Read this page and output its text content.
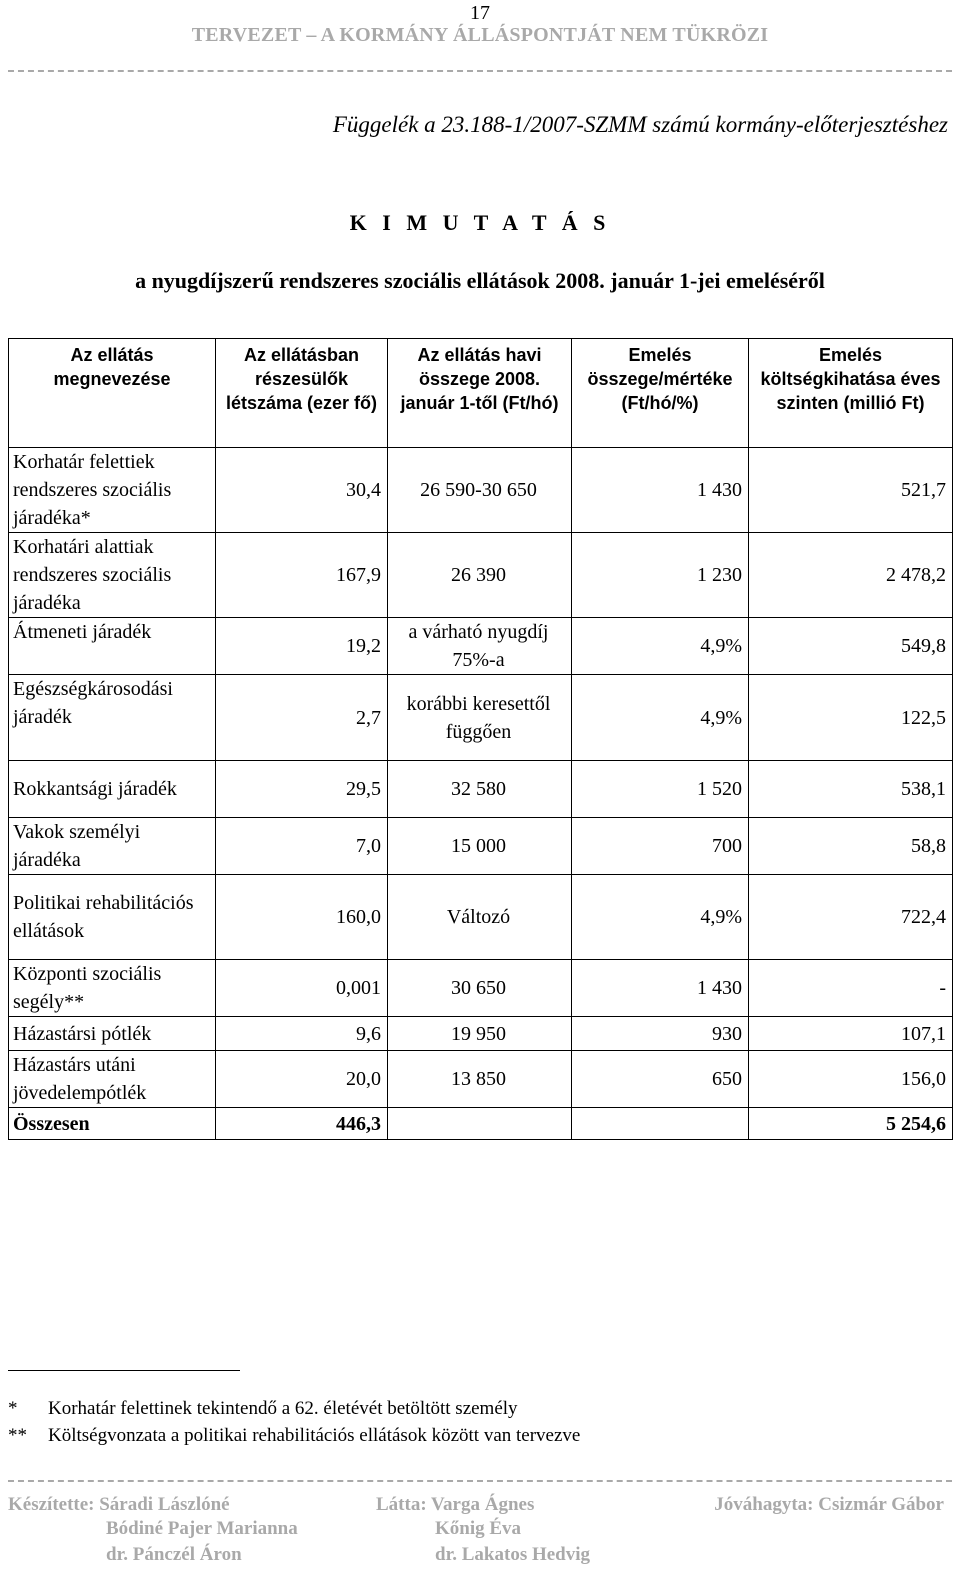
17
TERVEZET – A KORMÁNY ÁLLÁSPONTJÁT NEM TÜKRÖZI
Függelék a 23.188-1/2007-SZMM számú kormány-előterjesztéshez
K I M U T A T Á S
a nyugdíjszerű rendszeres szociális ellátások 2008. január 1-jei emeléséről
Az ellátás megnevezése	Az ellátásban részesülők létszáma (ezer fő)	Az ellátás havi összege 2008. január 1-től (Ft/hó)	Emelés összege/mértéke (Ft/hó/%)	Emelés költségkihatása éves szinten (millió Ft)
Korhatár felettiek rendszeres szociális járadéka*	30,4	26 590-30 650	1 430	521,7
Korhatári alattiak rendszeres szociális járadéka	167,9	26 390	1 230	2 478,2
Átmeneti járadék	19,2	a várható nyugdíj 75%-a	4,9%	549,8
Egészségkárosodási járadék	2,7	korábbi keresettől függően	4,9%	122,5
Rokkantsági járadék	29,5	32 580	1 520	538,1
Vakok személyi járadéka	7,0	15 000	700	58,8
Politikai rehabilitációs ellátások	160,0	Változó	4,9%	722,4
Központi szociális segély**	0,001	30 650	1 430	-
Házastársi pótlék	9,6	19 950	930	107,1
Házastárs utáni jövedelempótlék	20,0	13 850	650	156,0
Összesen	446,3			5 254,6
* Korhatár felettinek tekintendő a 62. életévét betöltött személy
** Költségvonzata a politikai rehabilitációs ellátások között van tervezve
Készítette: Sáradi Lászlóné
Bódiné Pajer Marianna
dr. Pánczél Áron
Látta: Varga Ágnes
Kőnig Éva
dr. Lakatos Hedvig
Jóváhagyta: Csizmár Gábor
